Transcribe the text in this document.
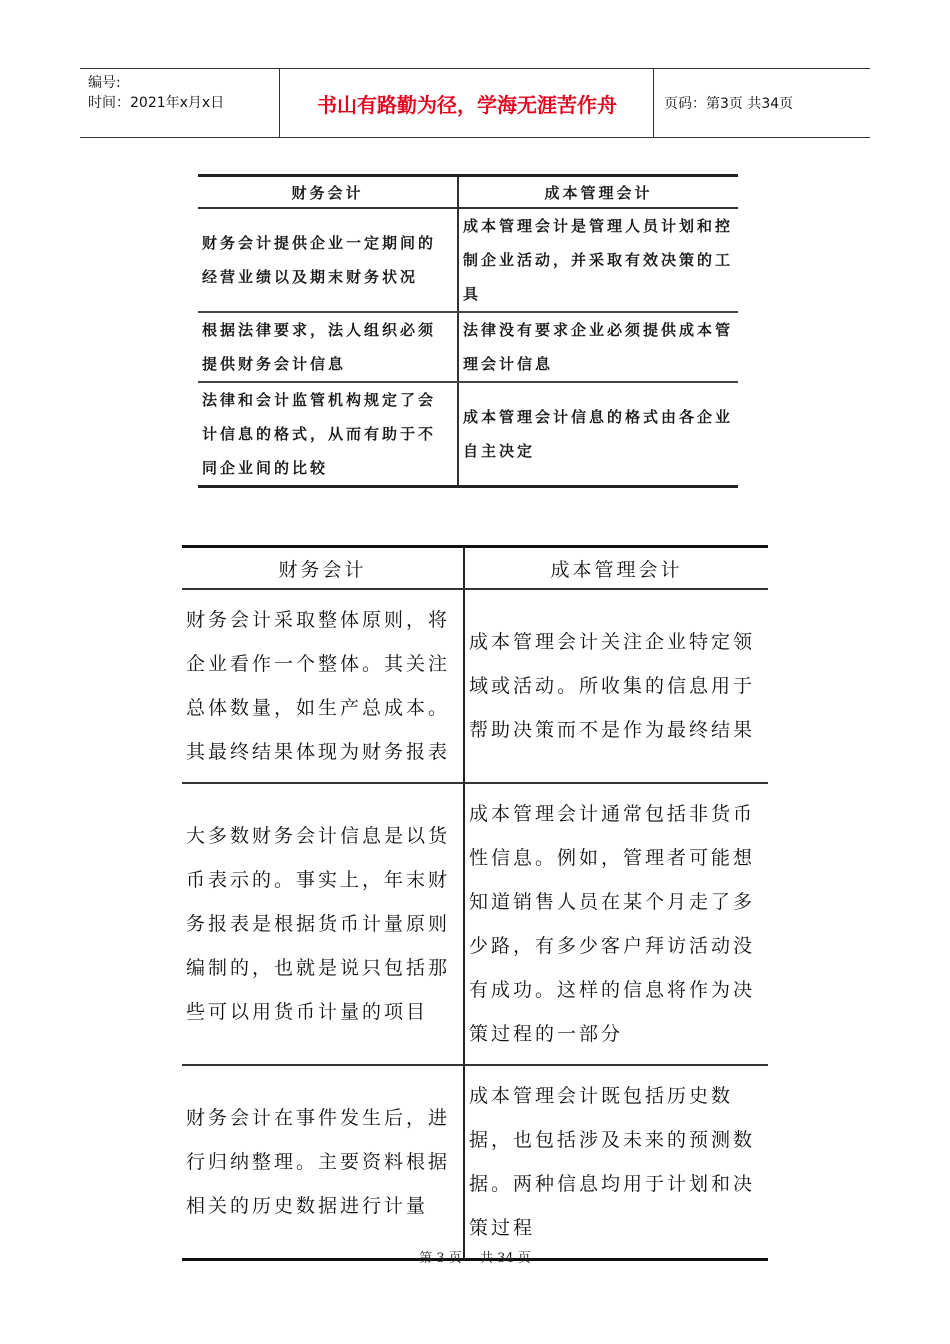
编号:
时间：2021年x月x日	书山有路勤为径，学海无涯苦作舟	页码：第3页 共34页
财务会计	成本管理会计
财务会计提供企业一定期间的经营业绩以及期末财务状况	成本管理会计是管理人员计划和控制企业活动，并采取有效决策的工具
根据法律要求，法人组织必须提供财务会计信息	法律没有要求企业必须提供成本管理会计信息
法律和会计监管机构规定了会计信息的格式，从而有助于不同企业间的比较	成本管理会计信息的格式由各企业自主决定
财务会计	成本管理会计
财务会计采取整体原则，将企业看作一个整体。其关注总体数量，如生产总成本。其最终结果体现为财务报表	成本管理会计关注企业特定领域或活动。所收集的信息用于帮助决策而不是作为最终结果
大多数财务会计信息是以货币表示的。事实上，年末财务报表是根据货币计量原则编制的，也就是说只包括那些可以用货币计量的项目	成本管理会计通常包括非货币性信息。例如，管理者可能想知道销售人员在某个月走了多少路，有多少客户拜访活动没有成功。这样的信息将作为决策过程的一部分
财务会计在事件发生后，进行归纳整理。主要资料根据相关的历史数据进行计量	成本管理会计既包括历史数据，也包括涉及未来的预测数据。两种信息均用于计划和决策过程
第 3 页 共 34 页
